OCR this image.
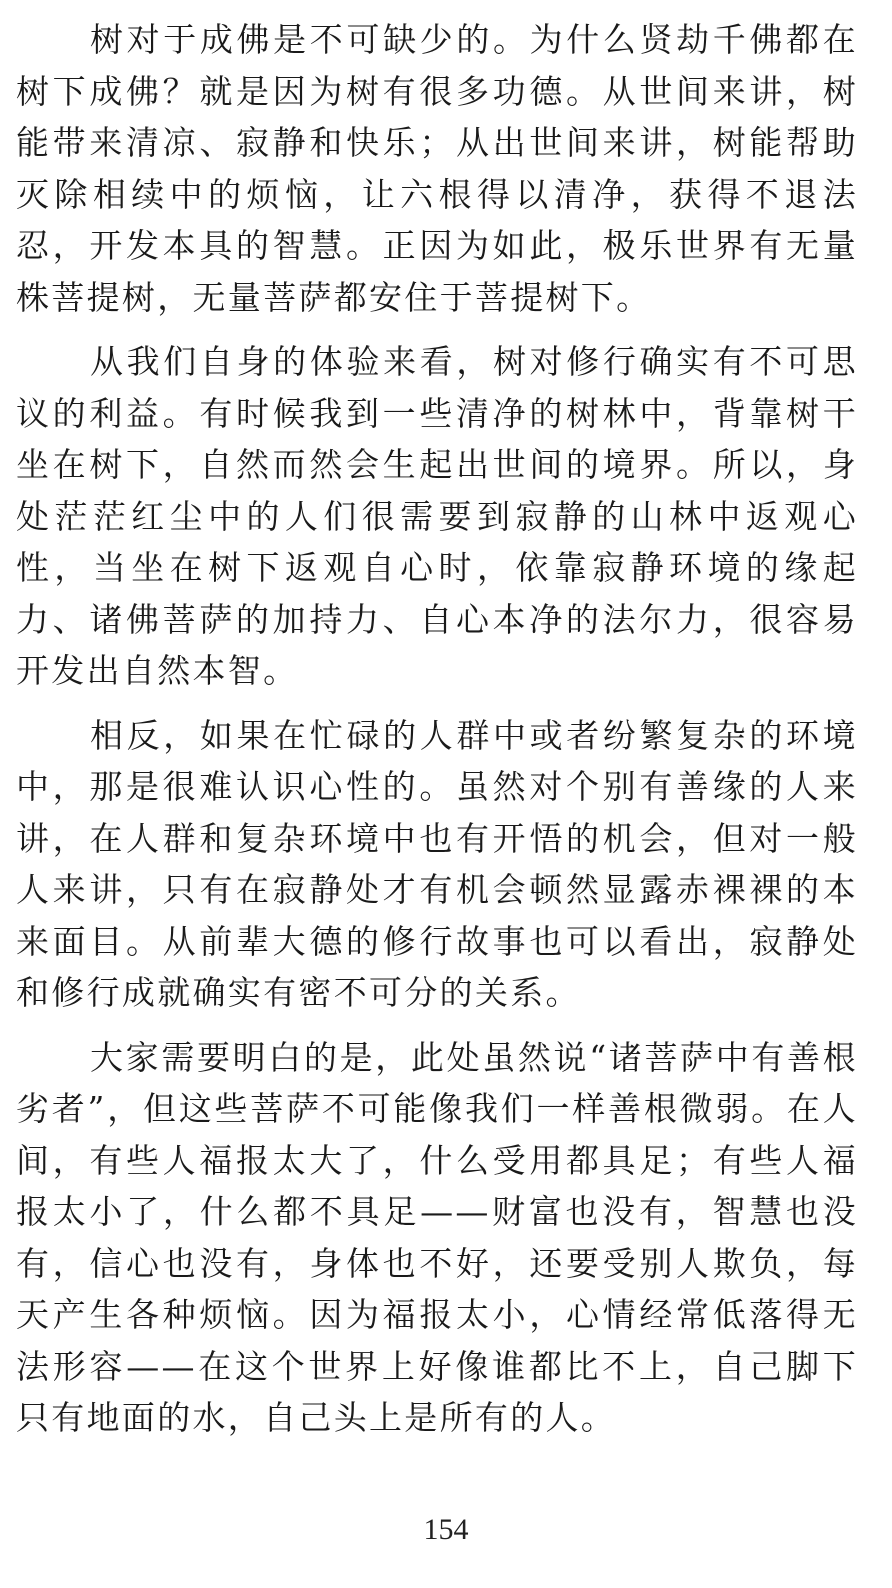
树对于成佛是不可缺少的。为什么贤劫千佛都在树下成佛？就是因为树有很多功德。从世间来讲，树能带来清凉、寂静和快乐；从出世间来讲，树能帮助灭除相续中的烦恼，让六根得以清净，获得不退法忍，开发本具的智慧。正因为如此，极乐世界有无量株菩提树，无量菩萨都安住于菩提树下。

从我们自身的体验来看，树对修行确实有不可思议的利益。有时候我到一些清净的树林中，背靠树干坐在树下，自然而然会生起出世间的境界。所以，身处茫茫红尘中的人们很需要到寂静的山林中返观心性，当坐在树下返观自心时，依靠寂静环境的缘起力、诸佛菩萨的加持力、自心本净的法尔力，很容易开发出自然本智。

相反，如果在忙碌的人群中或者纷繁复杂的环境中，那是很难认识心性的。虽然对个别有善缘的人来讲，在人群和复杂环境中也有开悟的机会，但对一般人来讲，只有在寂静处才有机会顿然显露赤裸裸的本来面目。从前辈大德的修行故事也可以看出，寂静处和修行成就确实有密不可分的关系。

大家需要明白的是，此处虽然说“诸菩萨中有善根劣者”，但这些菩萨不可能像我们一样善根微弱。在人间，有些人福报太大了，什么受用都具足；有些人福报太小了，什么都不具足——财富也没有，智慧也没有，信心也没有，身体也不好，还要受别人欺负，每天产生各种烦恼。因为福报太小，心情经常低落得无法形容——在这个世界上好像谁都比不上，自己脚下只有地面的水，自己头上是所有的人。

154
